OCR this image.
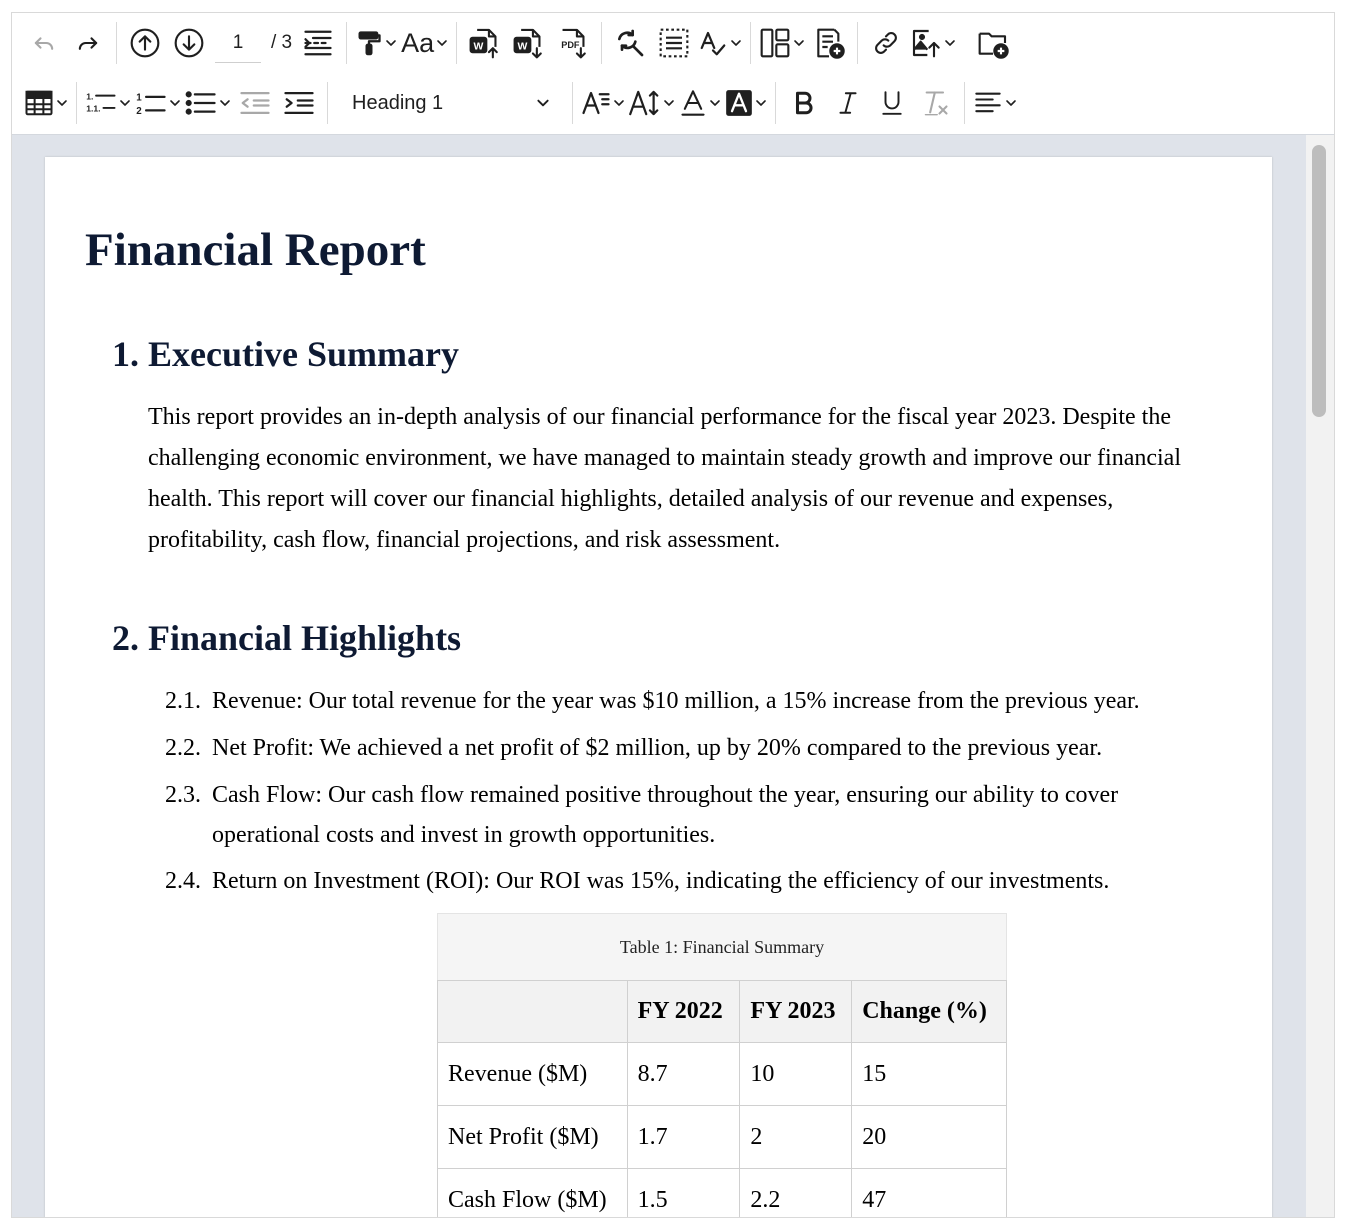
1
/ 3	Aa	W	W	PDF
1.
1.1.
1
2	Heading 1
Financial Report
1. Executive Summary

This report provides an in-depth analysis of our financial performance for the fiscal year 2023. Despite the challenging economic environment, we have managed to maintain steady growth and improve our financial health. This report will cover our financial highlights, detailed analysis of our revenue and expenses, profitability, cash flow, financial projections, and risk assessment.

2. Financial Highlights
2.1. Revenue: Our total revenue for the year was $10 million, a 15% increase from the previous year.
2.2. Net Profit: We achieved a net profit of $2 million, up by 20% compared to the previous year.
2.3. Cash Flow: Our cash flow remained positive throughout the year, ensuring our ability to cover operational costs and invest in growth opportunities.
2.4. Return on Investment (ROI): Our ROI was 15%, indicating the efficiency of our investments.
Table 1: Financial Summary
	FY 2022	FY 2023	Change (%)
Revenue ($M)	8.7	10	15
Net Profit ($M)	1.7	2	20
Cash Flow ($M)	1.5	2.2	47
